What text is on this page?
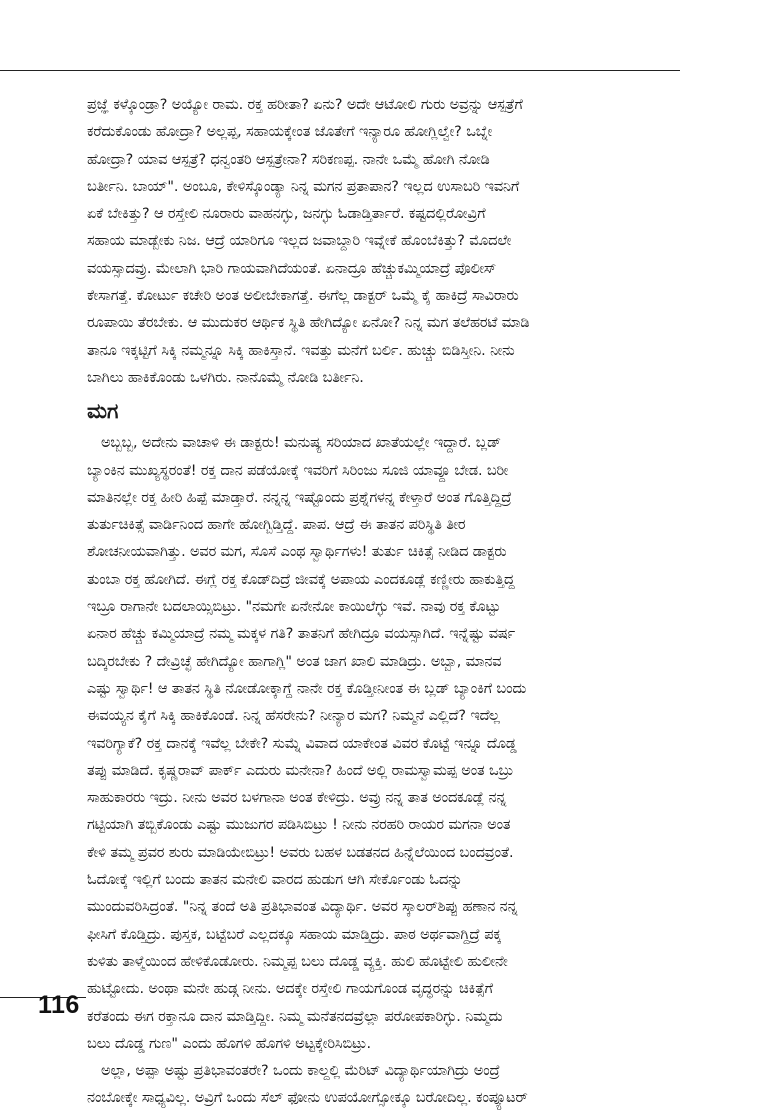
ಪ್ರಜ್ಞೆ ಕಳ್ಕೊಂಡ್ರಾ? ಅಯ್ಯೋ ರಾಮ. ರಕ್ತ ಹರೀತಾ? ಏನು? ಅದೇ ಆಟೋಲಿ ಗುರು ಅವ್ರನ್ನು ಆಸ್ಪತ್ರೆಗೆ
ಕರೆದುಕೊಂಡು ಹೋದ್ರಾ? ಅಲ್ಲಪ್ಪ, ಸಹಾಯಕ್ಕೇಂತ ಜೊತೇಗೆ ಇನ್ಯಾರೂ ಹೋಗ್ಲಿಲ್ವೇ? ಒಬ್ನೇ
ಹೋದ್ರಾ? ಯಾವ ಆಸ್ಪತ್ರೆ? ಧನ್ವಂತರಿ ಆಸ್ಪತ್ರೇನಾ? ಸರಿಕಣಪ್ಪ. ನಾನೇ ಒಮ್ಮೆ ಹೋಗಿ ನೋಡಿ
ಬರ್ತೀನಿ. ಬಾಯ್". ಅಂಬೂ, ಕೇಳಿಸ್ಕೊಂಡ್ಯಾ ನಿನ್ನ ಮಗನ ಪ್ರತಾಪಾನ? ಇಲ್ಲದ ಉಸಾಬರಿ ಇವನಿಗೆ
ಏಕೆ ಬೇಕಿತ್ತು? ಆ ರಸ್ತೇಲಿ ನೂರಾರು ವಾಹನಗ್ಳು, ಜನಗ್ಳು ಓಡಾಡ್ತಿರ್ತಾರೆ. ಕಷ್ಟದಲ್ಲಿರೋವ್ರಿಗೆ
ಸಹಾಯ ಮಾಡ್ಬೇಕು ನಿಜ. ಆದ್ರೆ ಯಾರಿಗೂ ಇಲ್ಲದ ಜವಾಬ್ದಾರಿ ಇವ್ನೇಕೆ ಹೊಂಬೆಕಿತ್ತು? ಮೊದಲೇ
ವಯಸ್ಸಾದವ್ರು. ಮೇಲಾಗಿ ಭಾರಿ ಗಾಯವಾಗಿದೆಯಂತೆ. ಏನಾದ್ರೂ ಹೆಚ್ಚುಕಮ್ಮಿಯಾದ್ರೆ ಪೊಲೀಸ್
ಕೇಸಾಗತ್ತೆ. ಕೋರ್ಟು ಕಚೇರಿ ಅಂತ ಅಲೀಬೇಕಾಗತ್ತೆ. ಈಗೆಲ್ಲ ಡಾಕ್ಟರ್ ಒಮ್ಮೆ ಕೈ ಹಾಕಿದ್ರೆ ಸಾವಿರಾರು
ರೂಪಾಯಿ ತೆರಬೇಕು. ಆ ಮುದುಕರ ಆರ್ಥಿಕ ಸ್ಥಿತಿ ಹೇಗಿದ್ಯೋ ಏನೋ? ನಿನ್ನ ಮಗ ತಲೆಹರಟೆ ಮಾಡಿ
ತಾನೂ ಇಕ್ಕಟ್ಟಿಗೆ ಸಿಕ್ಕಿ ನಮ್ಮನ್ನೂ ಸಿಕ್ಕಿ ಹಾಕಿಸ್ತಾನೆ. ಇವತ್ತು ಮನೆಗೆ ಬರ್ಲಿ. ಹುಚ್ಚು ಬಿಡಿಸ್ತೀನಿ. ನೀನು
ಬಾಗಿಲು ಹಾಕಿಕೊಂಡು ಒಳಗಿರು. ನಾನೊಮ್ಮೆ ನೋಡಿ ಬರ್ತೀನಿ.
ಮಗ
ಅಬ್ಬಬ್ಬ, ಅದೇನು ವಾಚಾಳಿ ಈ ಡಾಕ್ಟರು! ಮನುಷ್ಯ ಸರಿಯಾದ ಖಾತೆಯಲ್ಲೇ ಇದ್ದಾರೆ. ಬ್ಲಡ್
ಬ್ಯಾಂಕಿನ ಮುಖ್ಯಸ್ಥರಂತೆ! ರಕ್ತ ದಾನ ಪಡೆಯೋಕ್ಕೆ ಇವರಿಗೆ ಸಿರಿಂಜು ಸೂಜಿ ಯಾವ್ದೂ ಬೇಡ. ಬರೀ
ಮಾತಿನಲ್ಲೇ ರಕ್ತ ಹೀರಿ ಹಿಪ್ಪೆ ಮಾಡ್ತಾರೆ. ನನ್ನನ್ನ ಇಷ್ಟೊಂದು ಪ್ರಶ್ನೆಗಳನ್ನ ಕೇಳ್ತಾರೆ ಅಂತ ಗೊತ್ತಿದ್ದಿದ್ರೆ
ತುರ್ತುಚಿಕಿತ್ಸೆ ವಾರ್ಡಿನಿಂದ ಹಾಗೇ ಹೋಗ್ಬಿಡ್ತಿದ್ದೆ. ಪಾಪ. ಆದ್ರೆ ಈ ತಾತನ ಪರಿಸ್ಥಿತಿ ತೀರ
ಶೋಚನೀಯವಾಗಿತ್ತು. ಅವರ ಮಗ, ಸೊಸೆ ಎಂಥ ಸ್ವಾರ್ಥಿಗಳು! ತುರ್ತು ಚಿಕಿತ್ಸೆ ನೀಡಿದ ಡಾಕ್ಟರು
ತುಂಬಾ ರಕ್ತ ಹೋಗಿದೆ. ಈಗ್ಲೆ ರಕ್ತ ಕೊಡ್‌ದಿದ್ರೆ ಜೀವಕ್ಕೆ ಅಪಾಯ ಎಂದಕೂಡ್ಲೆ ಕಣ್ಣೀರು ಹಾಕುತ್ತಿದ್ದ
ಇಬ್ರೂ ರಾಗಾನೇ ಬದಲಾಯ್ಸಿಬಿಟ್ರು. "ನಮಗೇ ಏನೇನೋ ಕಾಯಿಲೆಗ್ಳು ಇವೆ. ನಾವು ರಕ್ತ ಕೊಟ್ಟು
ಏನಾರ ಹೆಚ್ಚು ಕಮ್ಮಿಯಾದ್ರೆ ನಮ್ಮ ಮಕ್ಕಳ ಗತಿ? ತಾತನಿಗೆ ಹೇಗಿದ್ರೂ ವಯಸ್ಸಾಗಿದೆ. ಇನ್ನೆಷ್ಟು ವರ್ಷ
ಬದ್ಕಿರಬೇಕು ? ದೇವ್ರಿಚ್ಛೆ ಹೇಗಿದ್ಯೋ ಹಾಗಾಗ್ಲಿ" ಅಂತ ಜಾಗ ಖಾಲಿ ಮಾಡಿದ್ರು. ಅಬ್ಬಾ, ಮಾನವ
ಎಷ್ಟು ಸ್ವಾರ್ಥಿ! ಆ ತಾತನ ಸ್ಥಿತಿ ನೋಡೋಕ್ಕಾಗ್ದೆ ನಾನೇ ರಕ್ತ ಕೊಡ್ತೀನೀಂತ ಈ ಬ್ಲಡ್ ಬ್ಯಾಂಕಿಗೆ ಬಂದು
ಈವಯ್ಯನ ಕೈಗೆ ಸಿಕ್ಕಿ ಹಾಕಿಕೊಂಡೆ. ನಿನ್ನ ಹೆಸರೇನು? ನೀನ್ಯಾರ ಮಗ? ನಿಮ್ಮನೆ ಎಲ್ಲಿದೆ? ಇದೆಲ್ಲ
ಇವರಿಗ್ಯಾಕೆ? ರಕ್ತ ದಾನಕ್ಕೆ ಇವೆಲ್ಲ ಬೇಕೇ? ಸುಮ್ನೆ ವಿವಾದ ಯಾಕೇಂತ ವಿವರ ಕೊಟ್ಟೆ ಇನ್ನೂ ದೊಡ್ಡ
ತಪ್ಪು ಮಾಡಿದೆ. ಕೃಷ್ಣರಾವ್ ಪಾರ್ಕ್ ಎದುರು ಮನೇನಾ? ಹಿಂದೆ ಅಲ್ಲಿ ರಾಮಸ್ವಾಮಪ್ಪ ಅಂತ ಒಬ್ರು
ಸಾಹುಕಾರರು ಇದ್ರು. ನೀನು ಅವರ ಬಳಗಾನಾ ಅಂತ ಕೇಳಿದ್ರು. ಅವ್ರು ನನ್ನ ತಾತ ಅಂದಕೂಡ್ಲೆ ನನ್ನ
ಗಟ್ಟಿಯಾಗಿ ತಬ್ಬಿಕೊಂಡು ಎಷ್ಟು ಮುಜುಗರ ಪಡಿಸಿಬಿಟ್ರು ! ನೀನು ನರಹರಿ ರಾಯರ ಮಗನಾ ಅಂತ
ಕೇಳಿ ತಮ್ಮ ಪ್ರವರ ಶುರು ಮಾಡಿಯೇಬಿಟ್ರು! ಅವರು ಬಹಳ ಬಡತನದ ಹಿನ್ನೆಲೆಯಿಂದ ಬಂದವ್ರಂತೆ.
ಓದೋಕ್ಕೆ ಇಲ್ಲಿಗೆ ಬಂದು ತಾತನ ಮನೇಲಿ ವಾರದ ಹುಡುಗ ಆಗಿ ಸೇರ್ಕೊಂಡು ಓದನ್ನು
ಮುಂದುವರಿಸಿದ್ರಂತೆ. "ನಿನ್ನ ತಂದೆ ಅತಿ ಪ್ರತಿಭಾವಂತ ವಿದ್ಯಾರ್ಥಿ. ಅವರ ಸ್ಕಾಲರ್‌ಶಿಪ್ಪು ಹಣಾನ ನನ್ನ
ಫೀಸಿಗೆ ಕೊಡ್ತಿದ್ರು. ಪುಸ್ತಕ, ಬಟ್ಟೆಬರೆ ಎಲ್ಲದಕ್ಕೂ ಸಹಾಯ ಮಾಡ್ತಿದ್ರು. ಪಾಠ ಅರ್ಥವಾಗ್ದಿದ್ರೆ ಪಕ್ಕ
ಕುಳಿತು ತಾಳ್ಮೆಯಿಂದ ಹೇಳಿಕೊಡೋರು. ನಿಮ್ಮಪ್ಪ ಬಲು ದೊಡ್ಡ ವ್ಯಕ್ತಿ. ಹುಲಿ ಹೊಟ್ಟೇಲಿ ಹುಲೀನೇ
ಹುಟ್ಟೋದು. ಅಂಥಾ ಮನೇ ಹುಡ್ಗ ನೀನು. ಅದಕ್ಕೇ ರಸ್ತೇಲಿ ಗಾಯಗೊಂಡ ವೃದ್ಧರನ್ನು ಚಿಕಿತ್ಸೆಗೆ
ಕರೆತಂದು ಈಗ ರಕ್ತಾನೂ ದಾನ ಮಾಡ್ತಿದ್ದೀ. ನಿಮ್ಮ ಮನೆತನದವ್ರೆಲ್ಲಾ ಪರೋಪಕಾರಿಗ್ಳು. ನಿಮ್ಮದು
ಬಲು ದೊಡ್ಡ ಗುಣ" ಎಂದು ಹೊಗಳಿ ಹೊಗಳಿ ಅಟ್ಟಕ್ಕೇರಿಸಿಬಿಟ್ರು.
ಅಲ್ಲಾ, ಅಪ್ಪಾ ಅಷ್ಟು ಪ್ರತಿಭಾವಂತರೇ? ಒಂದು ಕಾಲ್ದಲ್ಲಿ ಮೆರಿಟ್ ವಿದ್ಯಾರ್ಥಿಯಾಗಿದ್ರು ಅಂದ್ರೆ
ನಂಬೋಕ್ಕೇ ಸಾಧ್ಯವಿಲ್ಲ. ಅವ್ರಿಗೆ ಒಂದು ಸೆಲ್ ಫೋನು ಉಪಯೋಗ್ಸೋಕ್ಕೂ ಬರೋದಿಲ್ಲ. ಕಂಪ್ಯೂಟರ್
116
